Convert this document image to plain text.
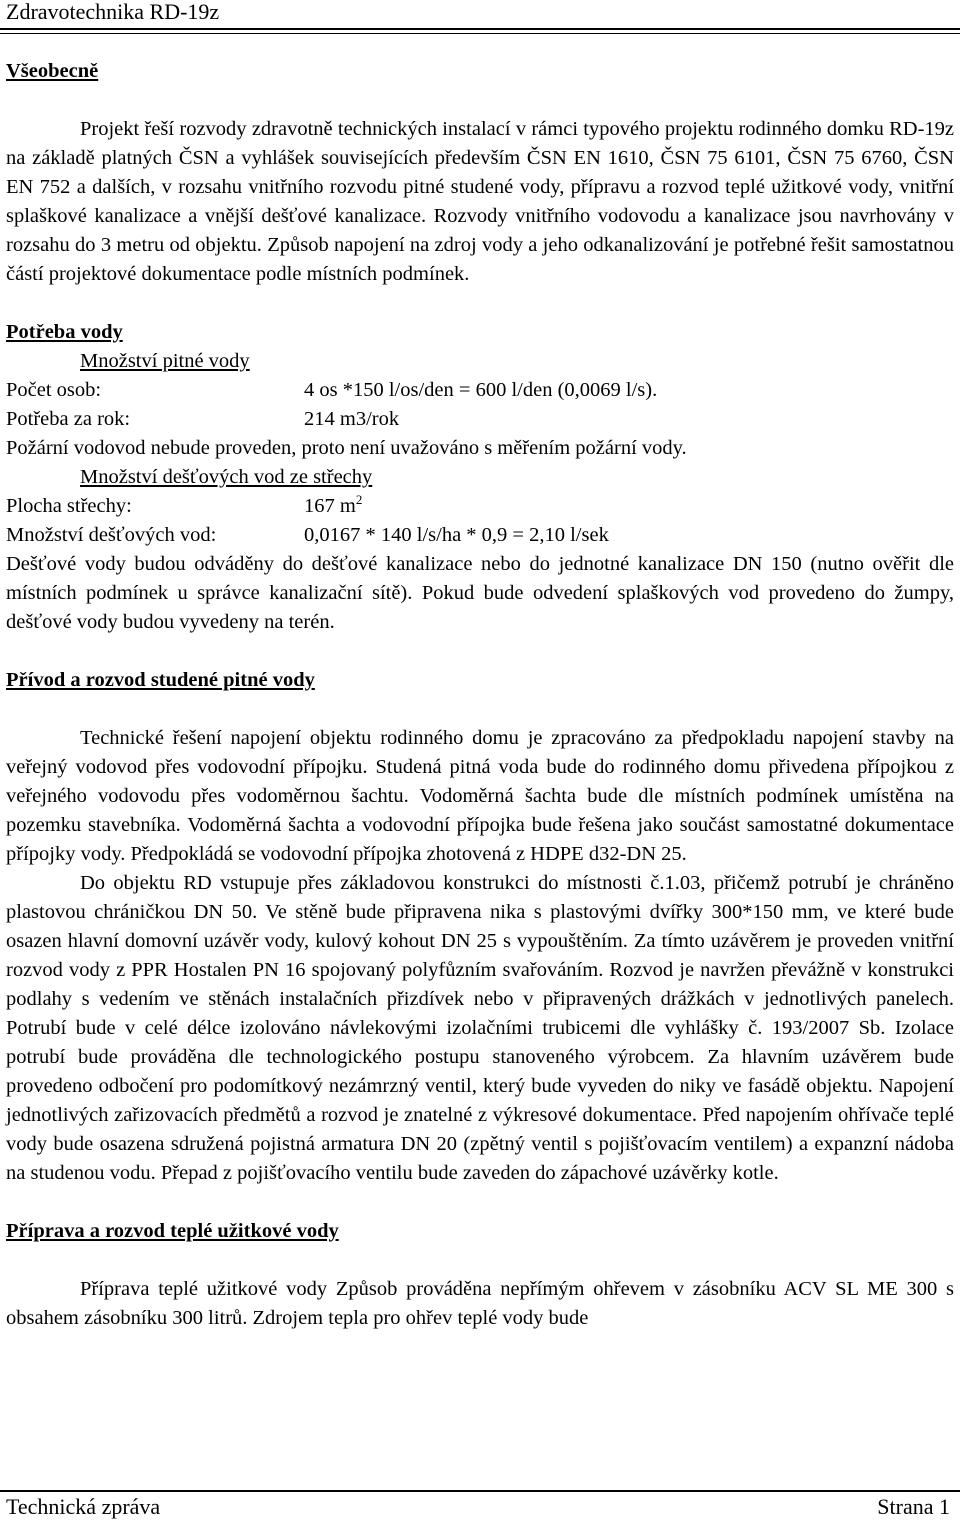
Zdravotechnika RD-19z
Všeobecně

Projekt řeší rozvody zdravotně technických instalací v rámci typového projektu rodinného domku RD-19z na základě platných ČSN a vyhlášek souvisejících především ČSN EN 1610, ČSN 75 6101, ČSN 75 6760, ČSN EN 752 a dalších, v rozsahu vnitřního rozvodu pitné studené vody, přípravu a rozvod teplé užitkové vody, vnitřní splaškové kanalizace a vnější dešťové kanalizace. Rozvody vnitřního vodovodu a kanalizace jsou navrhovány v rozsahu do 3 metru od objektu. Způsob napojení na zdroj vody a jeho odkanalizování je potřebné řešit samostatnou částí projektové dokumentace podle místních podmínek.

Potřeba vody
Množství pitné vody
Počet osob:	4 os *150 l/os/den = 600 l/den (0,0069 l/s).
Potřeba za rok:	214 m3/rok

Požární vodovod nebude proveden, proto není uvažováno s měřením požární vody.

Množství dešťových vod ze střechy
Plocha střechy:	167 $m^2$
Množství dešťových vod:	0,0167 * 140 l/s/ha * 0,9 = 2,10 l/sek

Dešťové vody budou odváděny do dešťové kanalizace nebo do jednotné kanalizace DN 150 (nutno ověřit dle místních podmínek u správce kanalizační sítě). Pokud bude odvedení splaškových vod provedeno do žumpy, dešťové vody budou vyvedeny na terén.

Přívod a rozvod studené pitné vody

Technické řešení napojení objektu rodinného domu je zpracováno za předpokladu napojení stavby na veřejný vodovod přes vodovodní přípojku. Studená pitná voda bude do rodinného domu přivedena přípojkou z veřejného vodovodu přes vodoměrnou šachtu. Vodoměrná šachta bude dle místních podmínek umístěna na pozemku stavebníka. Vodoměrná šachta a vodovodní přípojka bude řešena jako součást samostatné dokumentace přípojky vody. Předpokládá se vodovodní přípojka zhotovená z HDPE d32-DN 25.

Do objektu RD vstupuje přes základovou konstrukci do místnosti č.1.03, přičemž potrubí je chráněno plastovou chráničkou DN 50. Ve stěně bude připravena nika s plastovými dvířky 300*150 mm, ve které bude osazen hlavní domovní uzávěr vody, kulový kohout DN 25 s vypouštěním. Za tímto uzávěrem je proveden vnitřní rozvod vody z PPR Hostalen PN 16 spojovaný polyfůzním svařováním. Rozvod je navržen převážně v konstrukci podlahy s vedením ve stěnách instalačních přizdívek nebo v připravených drážkách v jednotlivých panelech. Potrubí bude v celé délce izolováno návlekovými izolačními trubicemi dle vyhlášky č. 193/2007 Sb. Izolace potrubí bude prováděna dle technologického postupu stanoveného výrobcem. Za hlavním uzávěrem bude provedeno odbočení pro podomítkový nezámrzný ventil, který bude vyveden do niky ve fasádě objektu. Napojení jednotlivých zařizovacích předmětů a rozvod je znatelné z výkresové dokumentace. Před napojením ohřívače teplé vody bude osazena sdružená pojistná armatura DN 20 (zpětný ventil s pojišťovacím ventilem) a expanzní nádoba na studenou vodu. Přepad z pojišťovacího ventilu bude zaveden do zápachové uzávěrky kotle.

Příprava a rozvod teplé užitkové vody

Příprava teplé užitkové vody Způsob prováděna nepřímým ohřevem v zásobníku ACV SL ME 300 s obsahem zásobníku 300 litrů. Zdrojem tepla pro ohřev teplé vody bude

Technická zpráva	Strana 1
